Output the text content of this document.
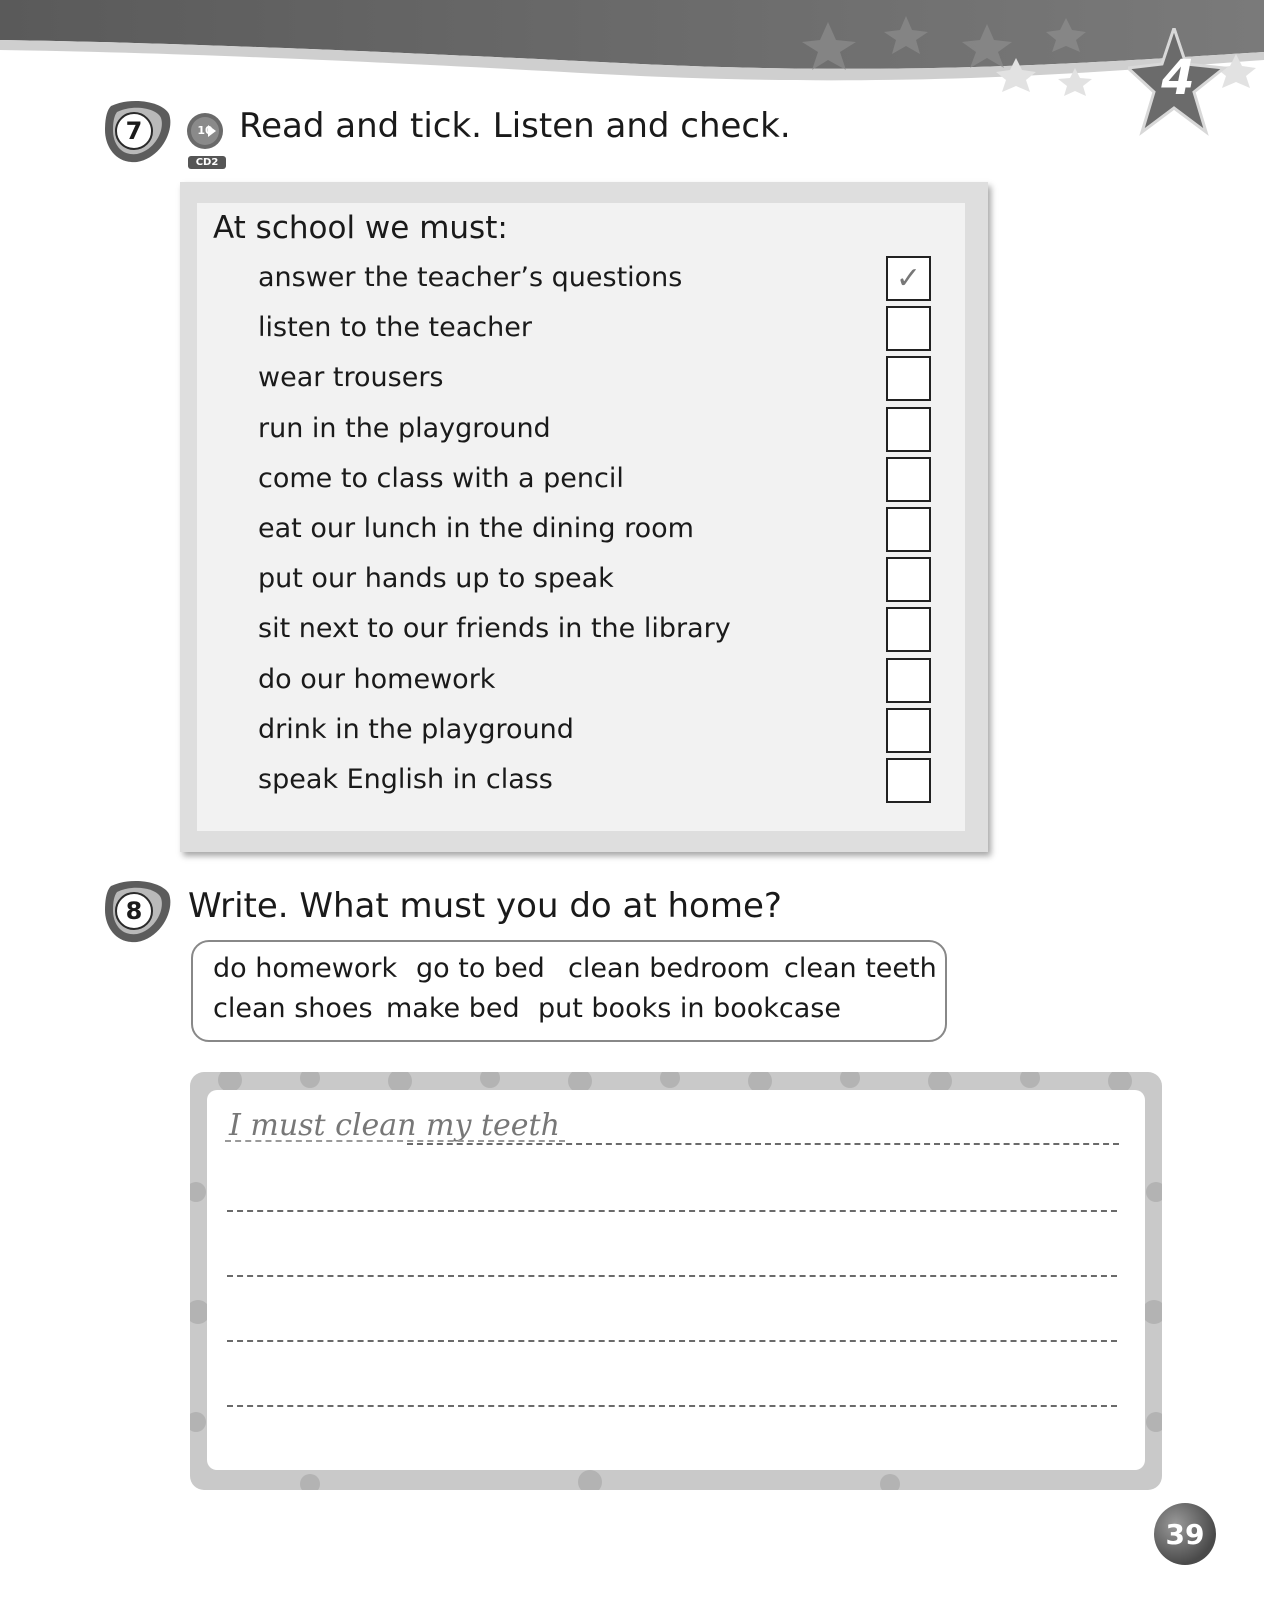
4
7	10
CD2
Read and tick. Listen and check.
At school we must:
answer the teacher’s questions	✓
listen to the teacher
wear trousers
run in the playground
come to class with a pencil
eat our lunch in the dining room
put our hands up to speak
sit next to our friends in the library
do our homework
drink in the playground
speak English in class
8	Write. What must you do at home?
do homework go to bed clean bedroom clean teeth
clean shoes make bed put books in bookcase
I must clean my teeth
39
